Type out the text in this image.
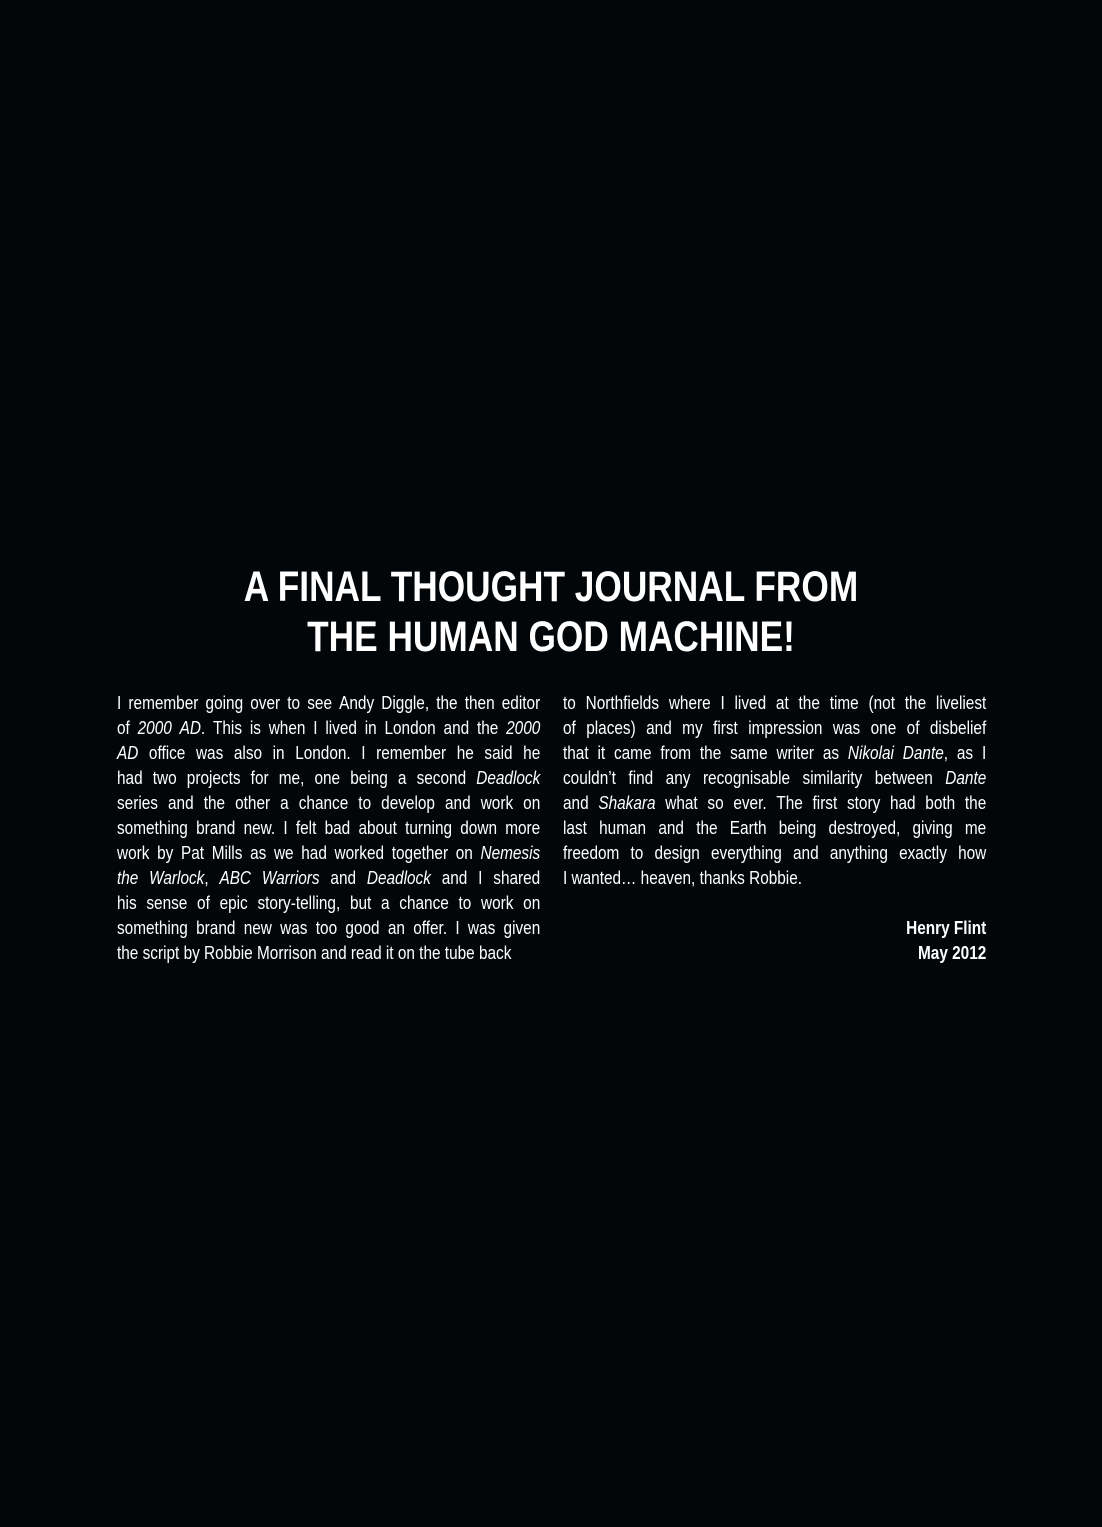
A FINAL THOUGHT JOURNAL FROM
THE HUMAN GOD MACHINE!
I remember going over to see Andy Diggle, the then editor
of 2000 AD. This is when I lived in London and the 2000
AD office was also in London. I remember he said he
had two projects for me, one being a second Deadlock
series and the other a chance to develop and work on
something brand new. I felt bad about turning down more
work by Pat Mills as we had worked together on Nemesis
the Warlock, ABC Warriors and Deadlock and I shared
his sense of epic story-telling, but a chance to work on
something brand new was too good an offer. I was given
the script by Robbie Morrison and read it on the tube back
to Northfields where I lived at the time (not the liveliest
of places) and my first impression was one of disbelief
that it came from the same writer as Nikolai Dante, as I
couldn’t find any recognisable similarity between Dante
and Shakara what so ever. The first story had both the
last human and the Earth being destroyed, giving me
freedom to design everything and anything exactly how
I wanted… heaven, thanks Robbie.
Henry Flint
May 2012
